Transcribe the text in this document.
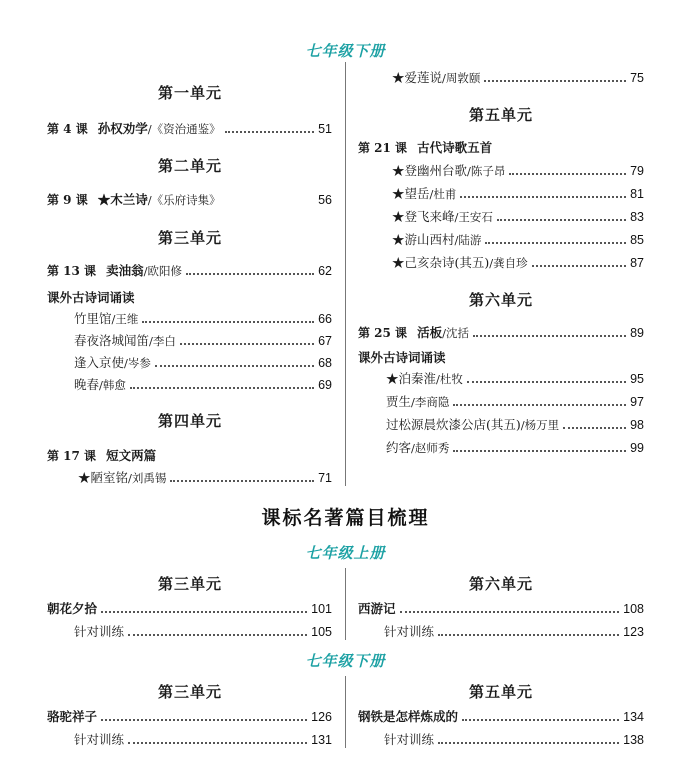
七年级下册
第一单元
第 4 课 孙权劝学 /《资治通鉴》	51
第二单元
第 9 课 ★木兰诗 /《乐府诗集》	56
第三单元
第 13 课 卖油翁 /欧阳修	62
课外古诗词诵读
竹里馆 /王维	66
春夜洛城闻笛 /李白	67
逢入京使 /岑参	68
晚春 /韩愈	69
第四单元
第 17 课 短文两篇
★陋室铭 /刘禹锡	71
★爱莲说 /周敦颐	75
第五单元
第 21 课 古代诗歌五首
★登幽州台歌 /陈子昂	79
★望岳 /杜甫	81
★登飞来峰 /王安石	83
★游山西村 /陆游	85
★己亥杂诗(其五) /龚自珍	87
第六单元
第 25 课 活板 /沈括	89
课外古诗词诵读
★泊秦淮 /杜牧	95
贾生 /李商隐	97
过松源晨炊漆公店(其五) /杨万里	98
约客 /赵师秀	99
课标名著篇目梳理
七年级上册
第三单元
朝花夕拾	101
针对训练	105
第六单元
西游记	108
针对训练	123
七年级下册
第三单元
骆驼祥子	126
针对训练	131
第五单元
钢铁是怎样炼成的	134
针对训练	138
